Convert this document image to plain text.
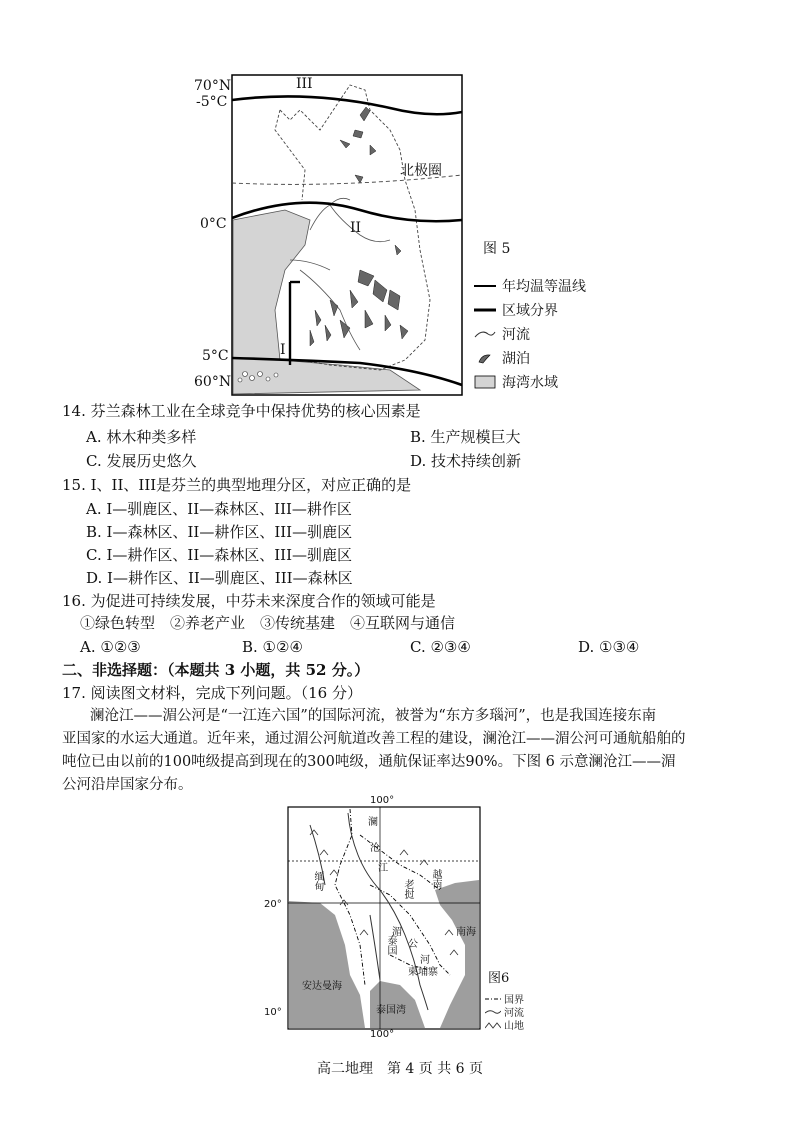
70°N
-5°C
0°C
5°C
60°N
III
II
I
北极圈
图 5
年均温等温线
区域分界
河流
湖泊
海湾水域
14. 芬兰森林工业在全球竞争中保持优势的核心因素是
A. 林木种类多样	B. 生产规模巨大
C. 发展历史悠久	D. 技术持续创新
15. I、II、III是芬兰的典型地理分区，对应正确的是
A. I—驯鹿区、II—森林区、III—耕作区
B. I—森林区、II—耕作区、III—驯鹿区
C. I—耕作区、II—森林区、III—驯鹿区
D. I—耕作区、II—驯鹿区、III—森林区
16. 为促进可持续发展，中芬未来深度合作的领域可能是
①绿色转型　②养老产业　③传统基建　④互联网与通信
A. ①②③	B. ①②④	C. ②③④	D. ①③④
二、非选择题：（本题共 3 小题，共 52 分。）
17. 阅读图文材料，完成下列问题。（16 分）
澜沧江——湄公河是“一江连六国”的国际河流，被誉为“东方多瑙河”，也是我国连接东南
亚国家的水运大通道。近年来，通过湄公河航道改善工程的建设，澜沧江——湄公河可通航船舶的
吨位已由以前的100吨级提高到现在的300吨级，通航保证率达90%。下图 6 示意澜沧江——湄
公河沿岸国家分布。
100°
100°
20°
10°
安达曼海
泰国湾
南海
缅甸	老挝 越南
泰国
柬埔寨
澜
沧
江
湄
公
河
图6
国界
河流
山地
高二地理　第 4 页 共 6 页
